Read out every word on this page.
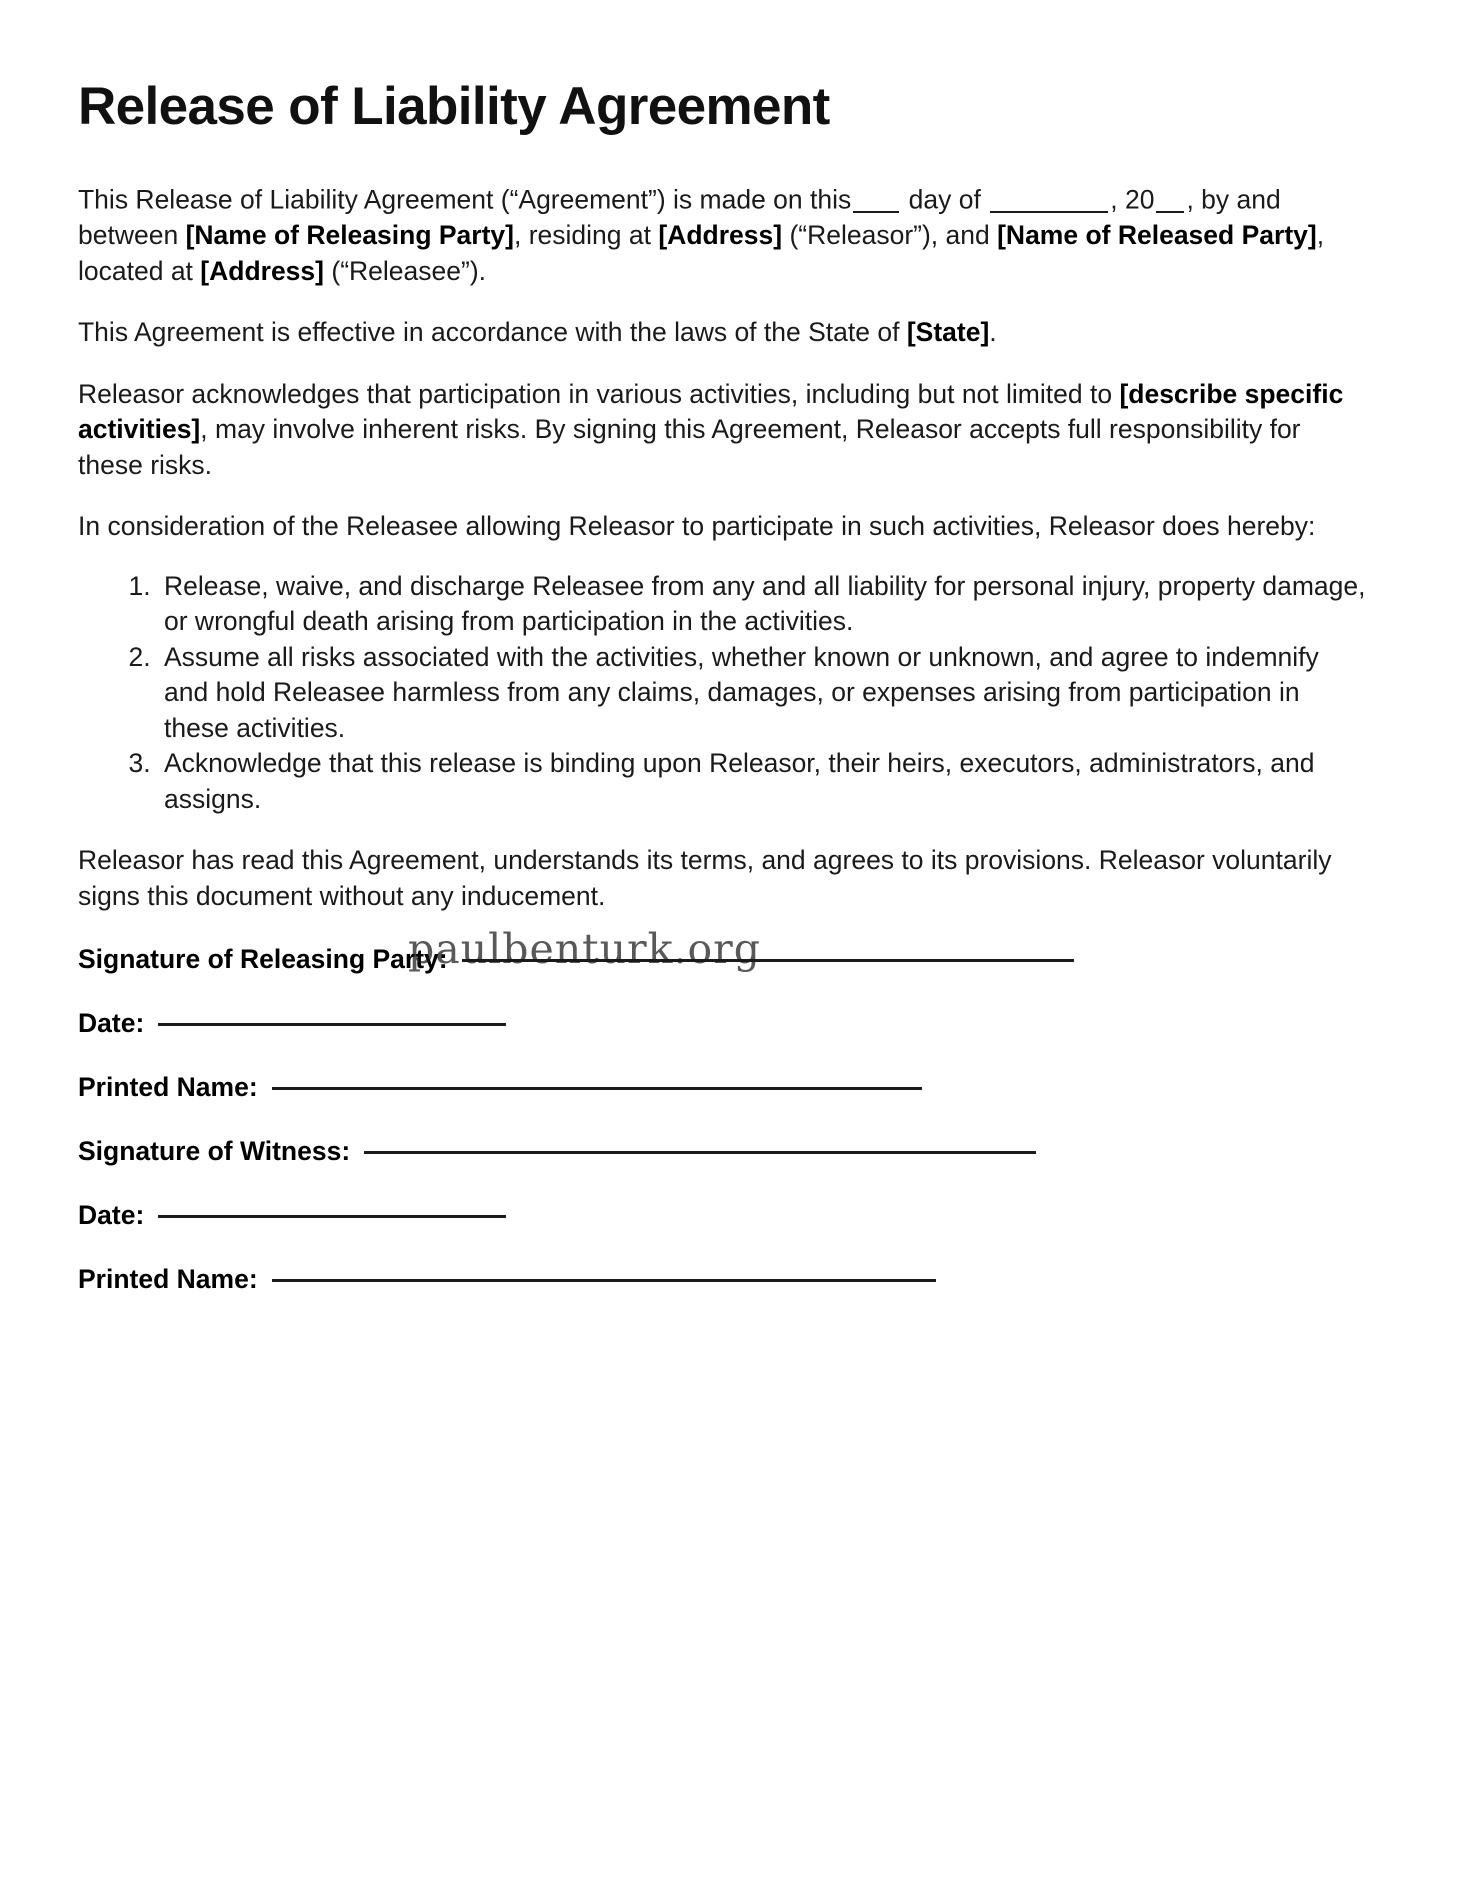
Release of Liability Agreement

This Release of Liability Agreement (“Agreement”) is made on this day of	, 20 , by and between [Name of Releasing Party], residing at [Address] (“Releasor”), and [Name of Released Party], located at [Address] (“Releasee”).

This Agreement is effective in accordance with the laws of the State of [State].

Releasor acknowledges that participation in various activities, including but not limited to [describe specific activities], may involve inherent risks. By signing this Agreement, Releasor accepts full responsibility for these risks.

In consideration of the Releasee allowing Releasor to participate in such activities, Releasor does hereby:

1. Release, waive, and discharge Releasee from any and all liability for personal injury, property damage, or wrongful death arising from participation in the activities.
2. Assume all risks associated with the activities, whether known or unknown, and agree to indemnify and hold Releasee harmless from any claims, damages, or expenses arising from participation in these activities.
3. Acknowledge that this release is binding upon Releasor, their heirs, executors, administrators, and assigns.

Releasor has read this Agreement, understands its terms, and agrees to its provisions. Releasor voluntarily signs this document without any inducement.

Signature of Releasing Party:
Date:
Printed Name:
Signature of Witness:
Date:
Printed Name:
paulbenturk.org
